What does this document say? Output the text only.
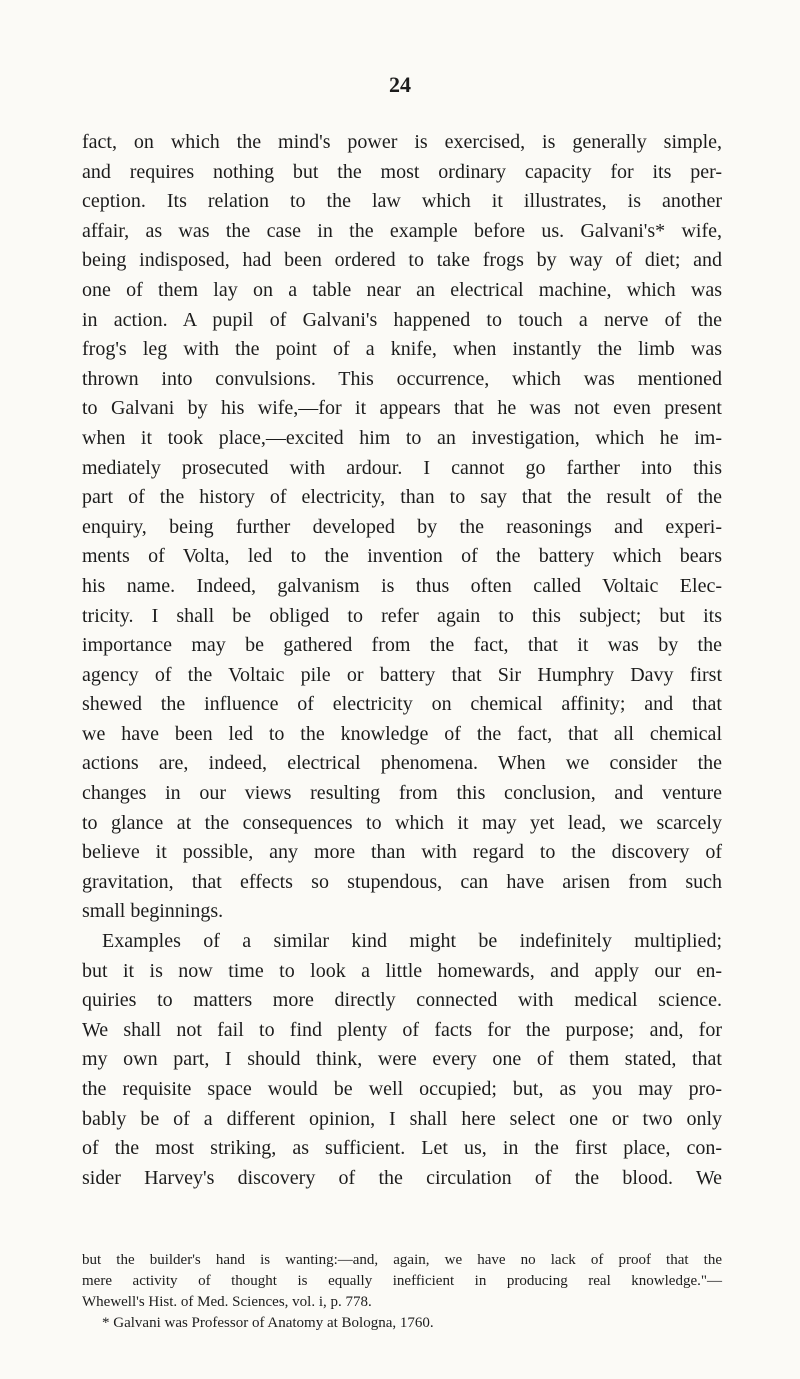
24
fact, on which the mind's power is exercised, is generally simple,
and requires nothing but the most ordinary capacity for its per-
ception. Its relation to the law which it illustrates, is another
affair, as was the case in the example before us. Galvani's* wife,
being indisposed, had been ordered to take frogs by way of diet; and
one of them lay on a table near an electrical machine, which was
in action. A pupil of Galvani's happened to touch a nerve of the
frog's leg with the point of a knife, when instantly the limb was
thrown into convulsions. This occurrence, which was mentioned
to Galvani by his wife,—for it appears that he was not even present
when it took place,—excited him to an investigation, which he im-
mediately prosecuted with ardour. I cannot go farther into this
part of the history of electricity, than to say that the result of the
enquiry, being further developed by the reasonings and experi-
ments of Volta, led to the invention of the battery which bears
his name. Indeed, galvanism is thus often called Voltaic Elec-
tricity. I shall be obliged to refer again to this subject; but its
importance may be gathered from the fact, that it was by the
agency of the Voltaic pile or battery that Sir Humphry Davy first
shewed the influence of electricity on chemical affinity; and that
we have been led to the knowledge of the fact, that all chemical
actions are, indeed, electrical phenomena. When we consider the
changes in our views resulting from this conclusion, and venture
to glance at the consequences to which it may yet lead, we scarcely
believe it possible, any more than with regard to the discovery of
gravitation, that effects so stupendous, can have arisen from such
small beginnings.
Examples of a similar kind might be indefinitely multiplied;
but it is now time to look a little homewards, and apply our en-
quiries to matters more directly connected with medical science.
We shall not fail to find plenty of facts for the purpose; and, for
my own part, I should think, were every one of them stated, that
the requisite space would be well occupied; but, as you may pro-
bably be of a different opinion, I shall here select one or two only
of the most striking, as sufficient. Let us, in the first place, con-
sider Harvey's discovery of the circulation of the blood. We
but the builder's hand is wanting:—and, again, we have no lack of proof that the
mere activity of thought is equally inefficient in producing real knowledge."—
Whewell's Hist. of Med. Sciences, vol. i, p. 778.
* Galvani was Professor of Anatomy at Bologna, 1760.
